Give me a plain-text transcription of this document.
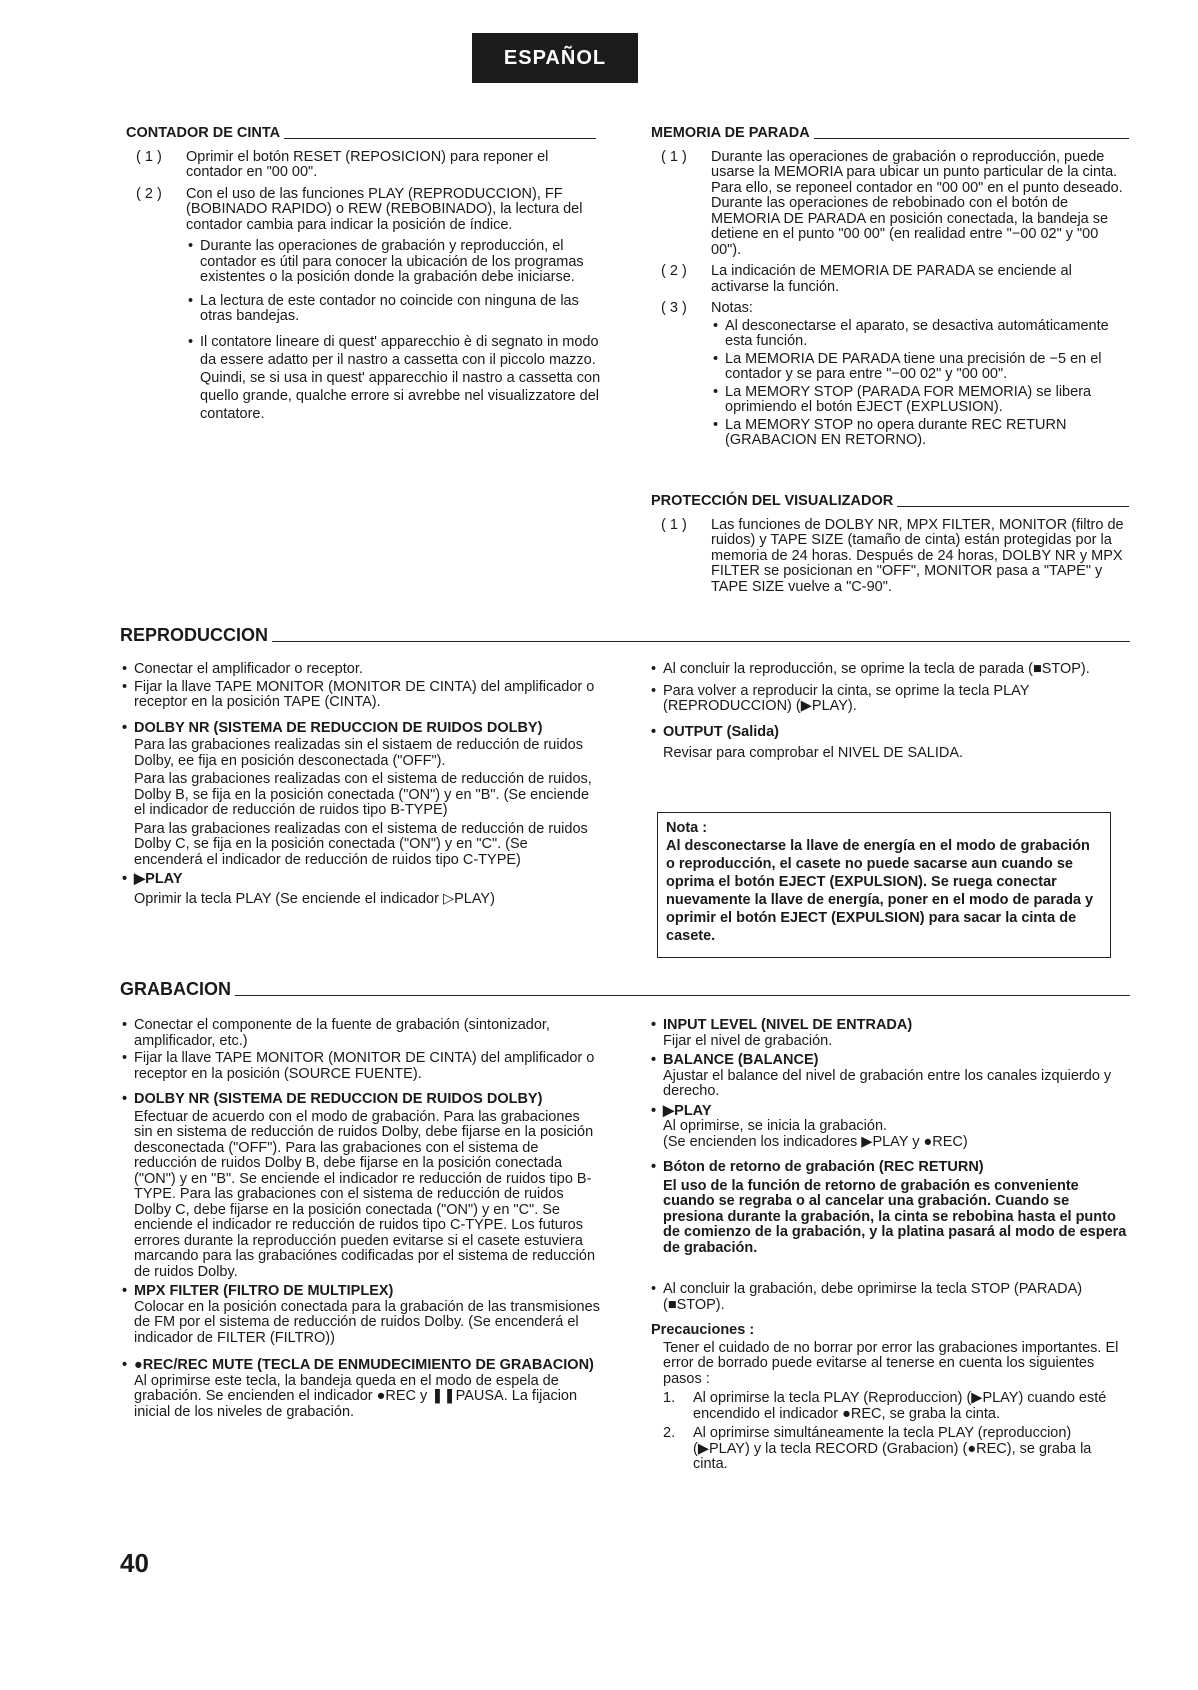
ESPAÑOL
CONTADOR DE CINTA
( 1 )	Oprimir el botón RESET (REPOSICION) para reponer el contador en "00 00".
( 2 )	Con el uso de las funciones PLAY (REPRODUCCION), FF (BOBINADO RAPIDO) o REW (REBOBINADO), la lectura del contador cambia para indicar la posición de índice.
• Durante las operaciones de grabación y reproducción, el contador es útil para conocer la ubicación de los programas existentes o la posición donde la grabación debe iniciarse.
• La lectura de este contador no coincide con ninguna de las otras bandejas.
• Il contatore lineare di quest' apparecchio è di segnato in modo da essere adatto per il nastro a cassetta con il piccolo mazzo. Quindi, se si usa in quest' apparecchio il nastro a cassetta con quello grande, qualche errore si avrebbe nel visualizzatore del contatore.
MEMORIA DE PARADA
( 1 )	Durante las operaciones de grabación o reproducción, puede usarse la MEMORIA para ubicar un punto particular de la cinta. Para ello, se reponeel contador en "00 00" en el punto deseado. Durante las operaciones de rebobinado con el botón de MEMORIA DE PARADA en posición conectada, la bandeja se detiene en el punto "00 00" (en realidad entre "−00 02" y "00 00").
( 2 )	La indicación de MEMORIA DE PARADA se enciende al activarse la función.
( 3 )	Notas:
• Al desconectarse el aparato, se desactiva automáticamente esta función.
• La MEMORIA DE PARADA tiene una precisión de −5 en el contador y se para entre "−00 02" y "00 00".
• La MEMORY STOP (PARADA FOR MEMORIA) se libera oprimiendo el botón EJECT (EXPLUSION).
• La MEMORY STOP no opera durante REC RETURN (GRABACION EN RETORNO).
PROTECCIÓN DEL VISUALIZADOR
( 1 )	Las funciones de DOLBY NR, MPX FILTER, MONITOR (filtro de ruidos) y TAPE SIZE (tamaño de cinta) están protegidas por la memoria de 24 horas. Después de 24 horas, DOLBY NR y MPX FILTER se posicionan en "OFF", MONITOR pasa a "TAPE" y TAPE SIZE vuelve a "C-90".
REPRODUCCION
• Conectar el amplificador o receptor.
• Fijar la llave TAPE MONITOR (MONITOR DE CINTA) del amplificador o receptor en la posición TAPE (CINTA).
• DOLBY NR (SISTEMA DE REDUCCION DE RUIDOS DOLBY)
Para las grabaciones realizadas sin el sistaem de reducción de ruidos Dolby, ee fija en posición desconectada ("OFF").
Para las grabaciones realizadas con el sistema de reducción de ruidos, Dolby B, se fija en la posición conectada ("ON") y en "B". (Se enciende el indicador de reducción de ruidos tipo B-TYPE)
Para las grabaciones realizadas con el sistema de reducción de ruidos Dolby C, se fija en la posición conectada ("ON") y en "C". (Se encenderá el indicador de reducción de ruidos tipo C-TYPE)
• ▶PLAY
Oprimir la tecla PLAY (Se enciende el indicador ▷PLAY)
• Al concluir la reproducción, se oprime la tecla de parada (■STOP).
• Para volver a reproducir la cinta, se oprime la tecla PLAY (REPRODUCCION) (▶PLAY).
• OUTPUT (Salida)
Revisar para comprobar el NIVEL DE SALIDA.
Nota :
Al desconectarse la llave de energía en el modo de grabación o reproducción, el casete no puede sacarse aun cuando se oprima el botón EJECT (EXPULSION). Se ruega conectar nuevamente la llave de energía, poner en el modo de parada y oprimir el botón EJECT (EXPULSION) para sacar la cinta de casete.
GRABACION
• Conectar el componente de la fuente de grabación (sintonizador, amplificador, etc.)
• Fijar la llave TAPE MONITOR (MONITOR DE CINTA) del amplificador o receptor en la posición (SOURCE FUENTE).
• DOLBY NR (SISTEMA DE REDUCCION DE RUIDOS DOLBY)
Efectuar de acuerdo con el modo de grabación. Para las grabaciones sin en sistema de reducción de ruidos Dolby, debe fijarse en la posición desconectada ("OFF"). Para las grabaciones con el sistema de reducción de ruidos Dolby B, debe fijarse en la posición conectada ("ON") y en "B". Se enciende el indicador re reducción de ruidos tipo B-TYPE. Para las grabaciones con el sistema de reducción de ruidos Dolby C, debe fijarse en la posición conectada ("ON") y en "C". Se enciende el indicador re reducción de ruidos tipo C-TYPE. Los futuros errores durante la reproducción pueden evitarse si el casete estuviera marcando para las grabaciónes codificadas por el sistema de reducción de ruidos Dolby.
• MPX FILTER (FILTRO DE MULTIPLEX)
Colocar en la posición conectada para la grabación de las transmisiones de FM por el sistema de reducción de ruidos Dolby. (Se encenderá el indicador de FILTER (FILTRO))
• ●REC/REC MUTE (TECLA DE ENMUDECIMIENTO DE GRABACION)
Al oprimirse este tecla, la bandeja queda en el modo de espela de grabación. Se encienden el indicador ●REC y ❚❚PAUSA. La fijacion inicial de los niveles de grabación.
• INPUT LEVEL (NIVEL DE ENTRADA)
Fijar el nivel de grabación.
• BALANCE (BALANCE)
Ajustar el balance del nivel de grabación entre los canales izquierdo y derecho.
• ▶PLAY
Al oprimirse, se inicia la grabación.
(Se encienden los indicadores ▶PLAY y ●REC)
• Bóton de retorno de grabación (REC RETURN)
El uso de la función de retorno de grabación es conveniente cuando se regraba o al cancelar una grabación. Cuando se presiona durante la grabación, la cinta se rebobina hasta el punto de comienzo de la grabación, y la platina pasará al modo de espera de grabación.
• Al concluir la grabación, debe oprimirse la tecla STOP (PARADA) (■STOP).
Precauciones :
Tener el cuidado de no borrar por error las grabaciones importantes. El error de borrado puede evitarse al tenerse en cuenta los siguientes pasos :
1.	Al oprimirse la tecla PLAY (Reproduccion) (▶PLAY) cuando esté encendido el indicador ●REC, se graba la cinta.
2.	Al oprimirse simultáneamente la tecla PLAY (reproduccion) (▶PLAY) y la tecla RECORD (Grabacion) (●REC), se graba la cinta.
40
